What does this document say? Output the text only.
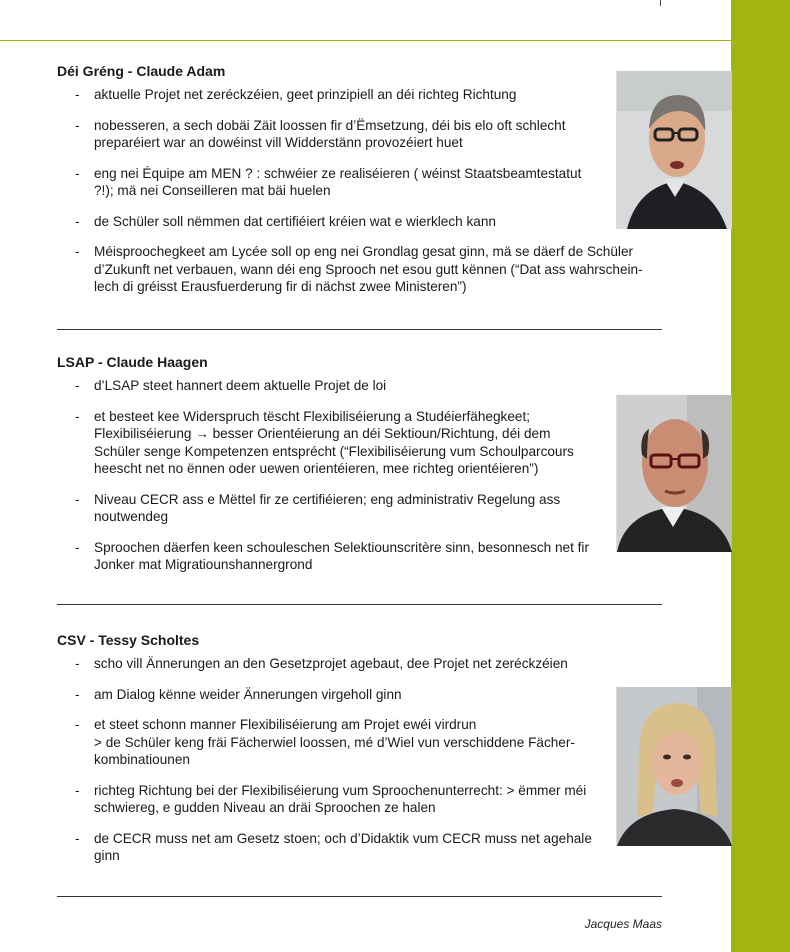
Déi Gréng - Claude Adam
- aktuelle Projet net zeréckzéien, geet prinzipiell an déi richteg Richtung
- nobesseren, a sech dobäi Zäit loossen fir d’Ëmsetzung, déi bis elo oft schlecht preparéiert war an dowéinst vill Widderstänn provozéiert huet
- eng nei Équipe am MEN ? : schwéier ze realiséieren ( wéinst Staatsbeamtestatut ?!); mä nei Conseilleren mat bäi huelen
- de Schüler soll nëmmen dat certifiéiert kréien wat e wierklech kann
- Méisproochegkeet am Lycée soll op eng nei Grondlag gesat ginn, mä se däerf de Schüler d’Zukunft net verbauen, wann déi eng Sprooch net esou gutt kënnen (“Dat ass wahrschein-lech di gréisst Erausfuerderung fir di nächst zwee Ministeren”)
LSAP - Claude Haagen
- d’LSAP steet hannert deem aktuelle Projet de loi
- et besteet kee Widerspruch tëscht Flexibiliséierung a Studéierfähegkeet; Flexibiliséierung → besser Orientéierung an déi Sektioun/Richtung, déi dem Schüler senge Kompetenzen entsprécht (“Flexibiliséierung vum Schoulparcours heescht net no ënnen oder uewen orientéieren, mee richteg orientéieren”)
- Niveau CECR ass e Mëttel fir ze certifiéieren; eng administrativ Regelung ass noutwendeg
- Sproochen däerfen keen schouleschen Selektiounscritère sinn, besonnesch net fir Jonker mat Migratiounshannergrond
CSV - Tessy Scholtes
- scho vill Ännerungen an den Gesetzprojet agebaut, dee Projet net zeréckzéien
- am Dialog kënne weider Ännerungen virgeholl ginn
- et steet schonn manner Flexibiliséierung am Projet ewéi virdrun
> de Schüler keng fräi Fächerwiel loossen, mé d’Wiel vun verschiddene Fächer-kombinatiounen
- richteg Richtung bei der Flexibiliséierung vum Sproochenunterrecht: > ëmmer méi schwiereg, e gudden Niveau an dräi Sproochen ze halen
- de CECR muss net am Gesetz stoen; och d’Didaktik vum CECR muss net agehale ginn
Jacques Maas
